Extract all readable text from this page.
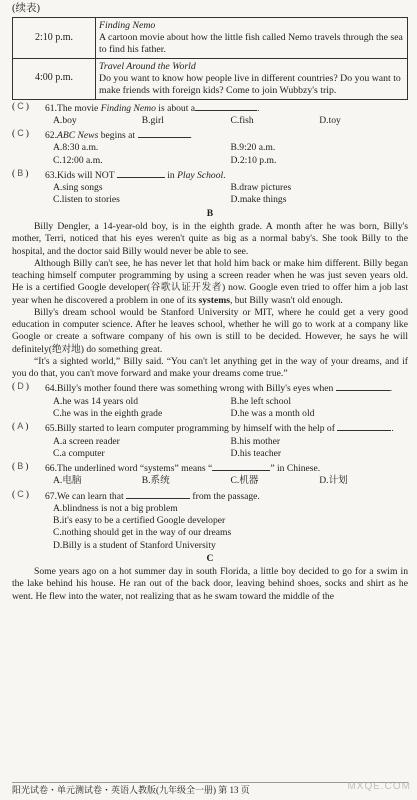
(续表)
2:10 p.m.	Finding Nemo
A cartoon movie about how the little fish called Nemo travels through the sea to find his father.

4:00 p.m.	Travel Around the World
Do you want to know how people live in different countries? Do you want to make friends with foreign kids? Come to join Wubbzy's trip.
( C )	61.The movie Finding Nemo is about a	.
A.boy	B.girl	C.fish	D.toy
( C )	62.ABC News begins at	.
A.8:30 a.m.	B.9:20 a.m.
C.12:00 a.m.	D.2:10 p.m.
( B )	63.Kids will NOT	in Play School.
A.sing songs	B.draw pictures
C.listen to stories	D.make things
B
Billy Dengler, a 14-year-old boy, is in the eighth grade. A month after he was born, Billy's mother, Terri, noticed that his eyes weren't quite as big as a normal baby's. She took Billy to the hospital, and the doctor said Billy would never be able to see.
Although Billy can't see, he has never let that hold him back or make him different. Billy began teaching himself computer programming by using a screen reader when he was just seven years old. He is a certified Google developer(谷歌认证开发者) now. Google even tried to offer him a job last year when he discovered a problem in one of its systems, but Billy wasn't old enough.
Billy's dream school would be Stanford University or MIT, where he could get a very good education in computer science. After he leaves school, whether he will go to work at a company like Google or create a software company of his own is still to be decided. However, he says he will definitely(绝对地) do something great.
“It's a sighted world,” Billy said. “You can't let anything get in the way of your dreams, and if you do that, you can't move forward and make your dreams come true.”
( D )	64.Billy's mother found there was something wrong with Billy's eyes when	.
A.he was 14 years old	B.he left school
C.he was in the eighth grade	D.he was a month old
( A )	65.Billy started to learn computer programming by himself with the help of	.
A.a screen reader	B.his mother
C.a computer	D.his teacher
( B )	66.The underlined word “systems” means “	” in Chinese.
A.电脑	B.系统	C.机器	D.计划
( C )	67.We can learn that	from the passage.
A.blindness is not a big problem
B.it's easy to be a certified Google developer
C.nothing should get in the way of our dreams
D.Billy is a student of Stanford University
C
Some years ago on a hot summer day in south Florida, a little boy decided to go for a swim in the lake behind his house. He ran out of the back door, leaving behind shoes, socks and shirt as he went. He flew into the water, not realizing that as he swam toward the middle of the
阳光试卷・单元测试卷・英语人教版(九年级全一册) 第 13 页	MXQE.COM
